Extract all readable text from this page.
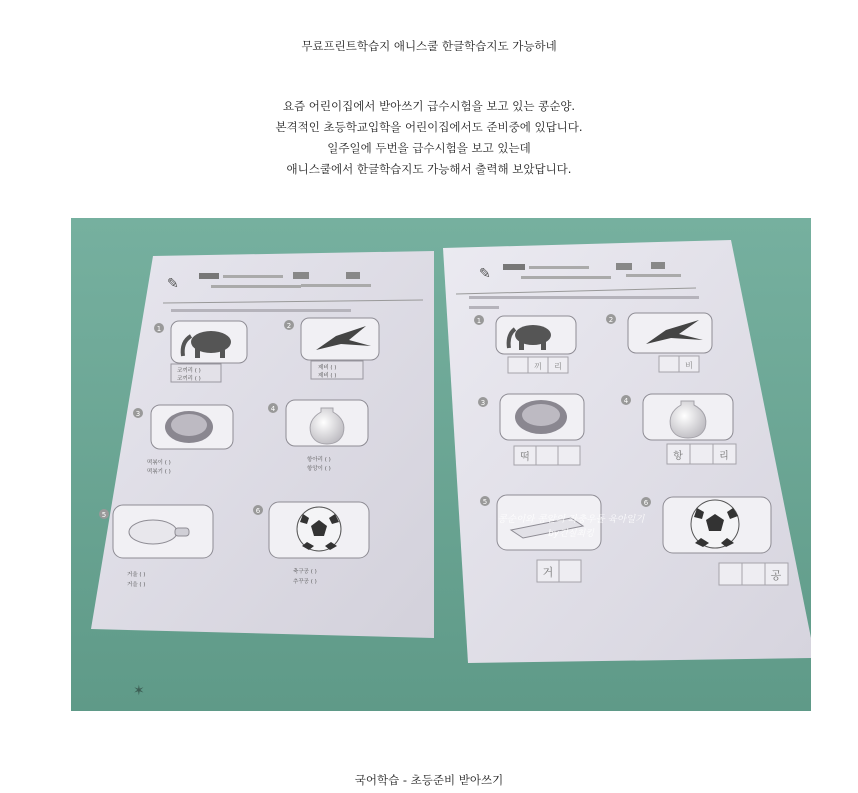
무료프린트학습지 애니스쿨 한글학습지도 가능하네

요즘 어린이집에서 받아쓰기 급수시험을 보고 있는 콩순양.

본격적인 초등학교입학을 어린이집에서도 준비중에 있답니다.

일주일에 두번을 급수시험을 보고 있는데

애니스쿨에서 한글학습지도 가능해서 출력해 보았답니다.

✶
✎
1
코끼리 ( )
코끼리 ( )
2
제비 ( )
제비 ( )
3
떡볶이 ( )
떡볶기 ( )
4
항아리 ( )
항앙이 ( )
5
거울 ( )
거을 ( )
6
축구공 ( )
추꾸공 ( )
✎
1
끼 리
2
비
3
떡
4
항	리
5
거
6
공
콩순이와 콩알의 좌충우돌 육아일기
by긴실최킹
국어학습 - 초등준비 받아쓰기
